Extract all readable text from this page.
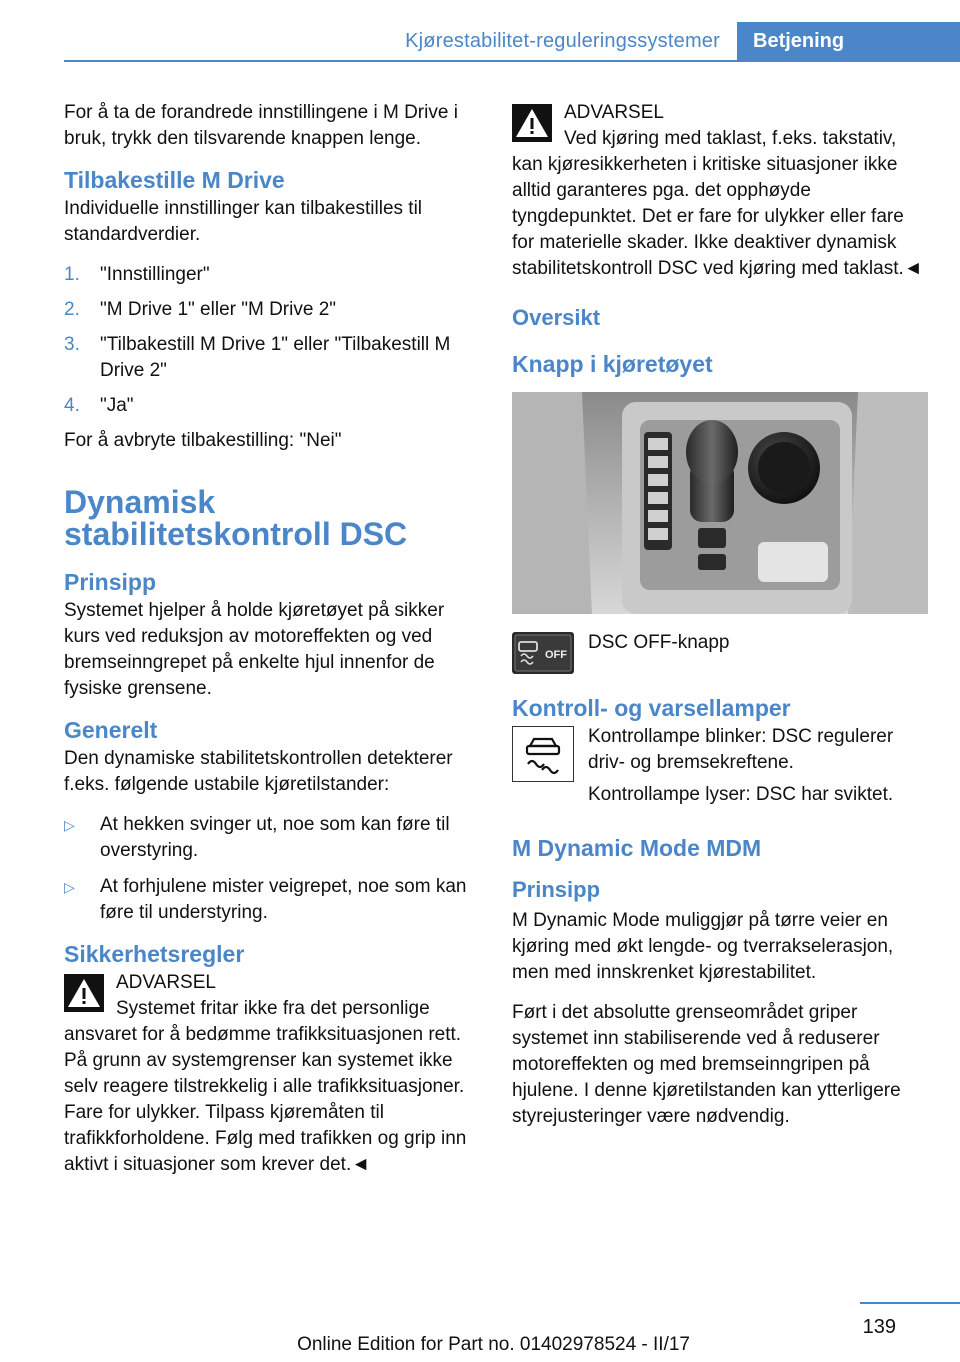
Kjørestabilitet-reguleringssystemer	Betjening

For å ta de forandrede innstillingene i M Drive i bruk, trykk den tilsvarende knappen lenge.

Tilbakestille M Drive

Individuelle innstillinger kan tilbakestilles til standardverdier.

1.	"Innstillinger"
2.	"M Drive 1" eller "M Drive 2"
3.	"Tilbakestill M Drive 1" eller "Tilbakestill M Drive 2"
4.	"Ja"

For å avbryte tilbakestilling: "Nei"

Dynamisk stabilitetskontroll DSC
Prinsipp

Systemet hjelper å holde kjøretøyet på sikker kurs ved reduksjon av motoreffekten og ved bremseinngrepet på enkelte hjul innenfor de fysiske grensene.

Generelt

Den dynamiske stabilitetskontrollen detekterer f.eks. følgende ustabile kjøretilstander:

▷	At hekken svinger ut, noe som kan føre til overstyring.
▷	At forhjulene mister veigrepet, noe som kan føre til understyring.
Sikkerhetsregler

ADVARSEL

Systemet fritar ikke fra det personlige ansvaret for å bedømme trafikksituasjonen rett. På grunn av systemgrenser kan systemet ikke selv reagere tilstrekkelig i alle trafikksituasjoner. Fare for ulykker. Tilpass kjøremåten til trafikkforholdene. Følg med trafikken og grip inn aktivt i situasjoner som krever det.◄

ADVARSEL

Ved kjøring med taklast, f.eks. takstativ, kan kjøresikkerheten i kritiske situasjoner ikke alltid garanteres pga. det opphøyde tyngdepunktet. Det er fare for ulykker eller fare for materielle skader. Ikke deaktiver dynamisk stabilitetskontroll DSC ved kjøring med taklast.◄

Oversikt
Knapp i kjøretøyet
OFF

DSC OFF-knapp

Kontroll- og varsellamper

Kontrollampe blinker: DSC regulerer driv- og bremsekreftene.

Kontrollampe lyser: DSC har sviktet.

M Dynamic Mode MDM
Prinsipp

M Dynamic Mode muliggjør på tørre veier en kjøring med økt lengde- og tverrakselerasjon, men med innskrenket kjørestabilitet.

Ført i det absolutte grenseområdet griper systemet inn stabiliserende ved å reduserer motoreffekten og med bremseinngripen på hjulene. I denne kjøretilstanden kan ytterligere styrejusteringer være nødvendig.

139
Online Edition for Part no. 01402978524 - II/17
